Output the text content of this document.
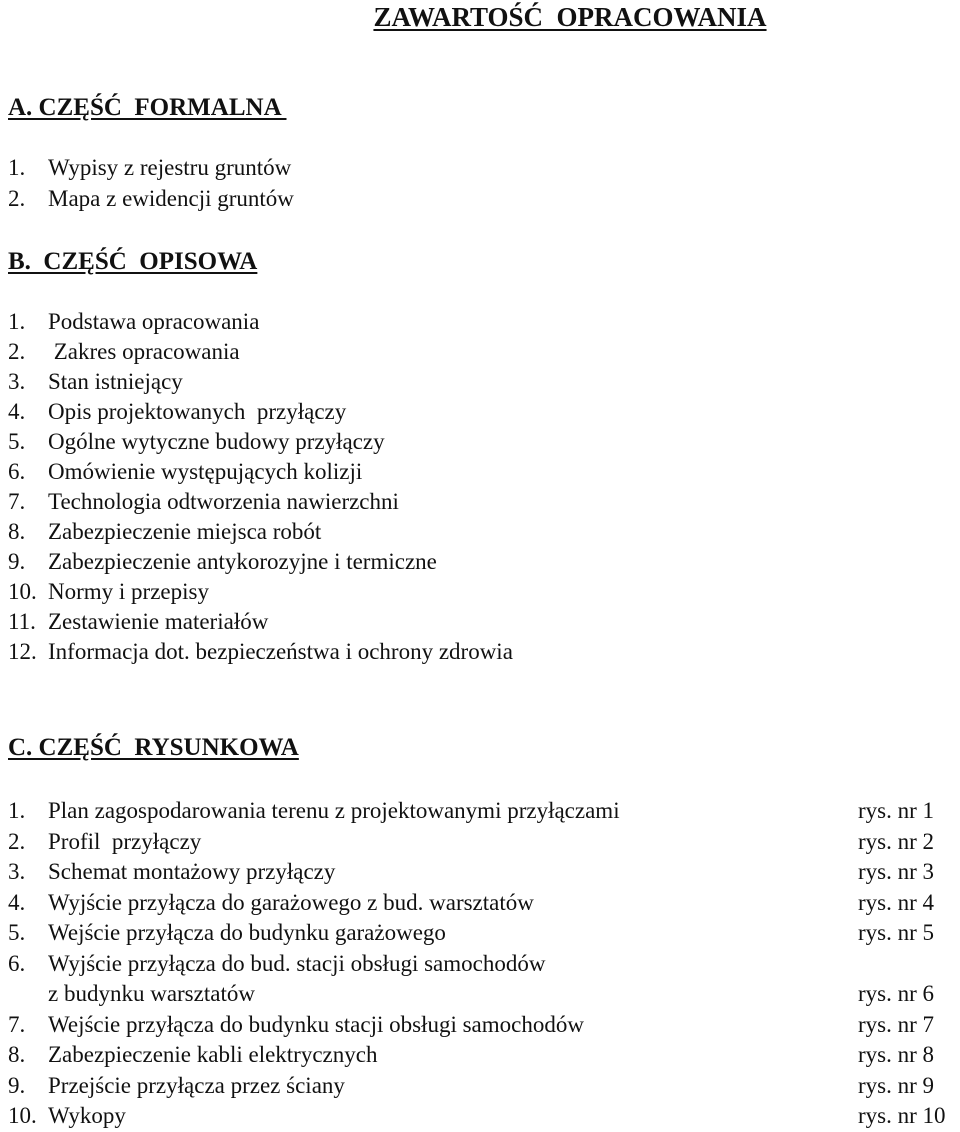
ZAWARTOŚĆ  OPRACOWANIA
A. CZĘŚĆ  FORMALNA
1. Wypisy z rejestru gruntów
2. Mapa z ewidencji gruntów
B.  CZĘŚĆ  OPISOWA
1. Podstawa opracowania
2. Zakres opracowania
3. Stan istniejący
4. Opis projektowanych  przyłączy
5. Ogólne wytyczne budowy przyłączy
6. Omówienie występujących kolizji
7. Technologia odtworzenia nawierzchni
8. Zabezpieczenie miejsca robót
9. Zabezpieczenie antykorozyjne i termiczne
10. Normy i przepisy
11. Zestawienie materiałów
12. Informacja dot. bezpieczeństwa i ochrony zdrowia
C. CZĘŚĆ  RYSUNKOWA
1. Plan zagospodarowania terenu z projektowanymi przyłączami	rys. nr 1
2. Profil  przyłączy	rys. nr 2
3. Schemat montażowy przyłączy	rys. nr 3
4. Wyjście przyłącza do garażowego z bud. warsztatów	rys. nr 4
5. Wejście przyłącza do budynku garażowego	rys. nr 5
6. Wyjście przyłącza do bud. stacji obsługi samochodów
z budynku warsztatów	rys. nr 6
7. Wejście przyłącza do budynku stacji obsługi samochodów	rys. nr 7
8. Zabezpieczenie kabli elektrycznych	rys. nr 8
9. Przejście przyłącza przez ściany	rys. nr 9
10. Wykopy	rys. nr 10
